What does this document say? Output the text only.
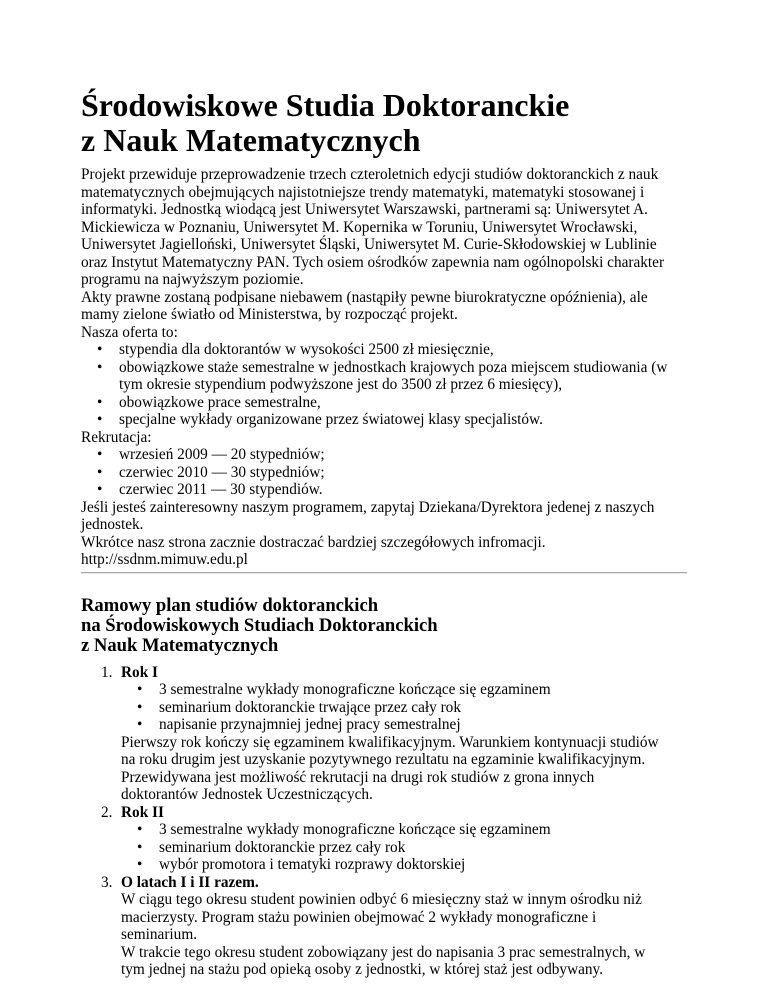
Środowiskowe Studia Doktoranckie
z Nauk Matematycznych

Projekt przewiduje przeprowadzenie trzech czteroletnich edycji studiów doktoranckich z nauk
matematycznych obejmujących najistotniejsze trendy matematyki, matematyki stosowanej i
informatyki. Jednostką wiodącą jest Uniwersytet Warszawski, partnerami są: Uniwersytet A.
Mickiewicza w Poznaniu, Uniwersytet M. Kopernika w Toruniu, Uniwersytet Wrocławski,
Uniwersytet Jagielloński, Uniwersytet Śląski, Uniwersytet M. Curie-Skłodowskiej w Lublinie
oraz Instytut Matematyczny PAN. Tych osiem ośrodków zapewnia nam ogólnopolski charakter
programu na najwyższym poziomie.
Akty prawne zostaną podpisane niebawem (nastąpiły pewne biurokratyczne opóźnienia), ale
mamy zielone światło od Ministerstwa, by rozpocząć projekt.
Nasza oferta to:

• stypendia dla doktorantów w wysokości 2500 zł miesięcznie,
• obowiązkowe staże semestralne w jednostkach krajowych poza miejscem studiowania (w
tym okresie stypendium podwyższone jest do 3500 zł przez 6 miesięcy),
• obowiązkowe prace semestralne,
• specjalne wykłady organizowane przez światowej klasy specjalistów.

Rekrutacja:

• wrzesień 2009 — 20 stypedniów;
• czerwiec 2010 — 30 stypedniów;
• czerwiec 2011 — 30 stypendiów.

Jeśli jesteś zainteresowny naszym programem, zapytaj Dziekana/Dyrektora jedenej z naszych
jednostek.
Wkrótce nasz strona zacznie dostraczać bardziej szczegółowych infromacji.
http://ssdnm.mimuw.edu.pl

Ramowy plan studiów doktoranckich
na Środowiskowych Studiach Doktoranckich
z Nauk Matematycznych
1. Rok I
• 3 semestralne wykłady monograficzne kończące się egzaminem
• seminarium doktoranckie trwające przez cały rok
• napisanie przynajmniej jednej pracy semestralnej

Pierwszy rok kończy się egzaminem kwalifikacyjnym. Warunkiem kontynuacji studiów
na roku drugim jest uzyskanie pozytywnego rezultatu na egzaminie kwalifikacyjnym.
Przewidywana jest możliwość rekrutacji na drugi rok studiów z grona innych
doktorantów Jednostek Uczestniczących.

2. Rok II
• 3 semestralne wykłady monograficzne kończące się egzaminem
• seminarium doktoranckie przez cały rok
• wybór promotora i tematyki rozprawy doktorskiej
3. O latach I i II razem.

W ciągu tego okresu student powinien odbyć 6 miesięczny staż w innym ośrodku niż
macierzysty. Program stażu powinien obejmować 2 wykłady monograficzne i
seminarium.
W trakcie tego okresu student zobowiązany jest do napisania 3 prac semestralnych, w
tym jednej na stażu pod opieką osoby z jednostki, w której staż jest odbywany.
